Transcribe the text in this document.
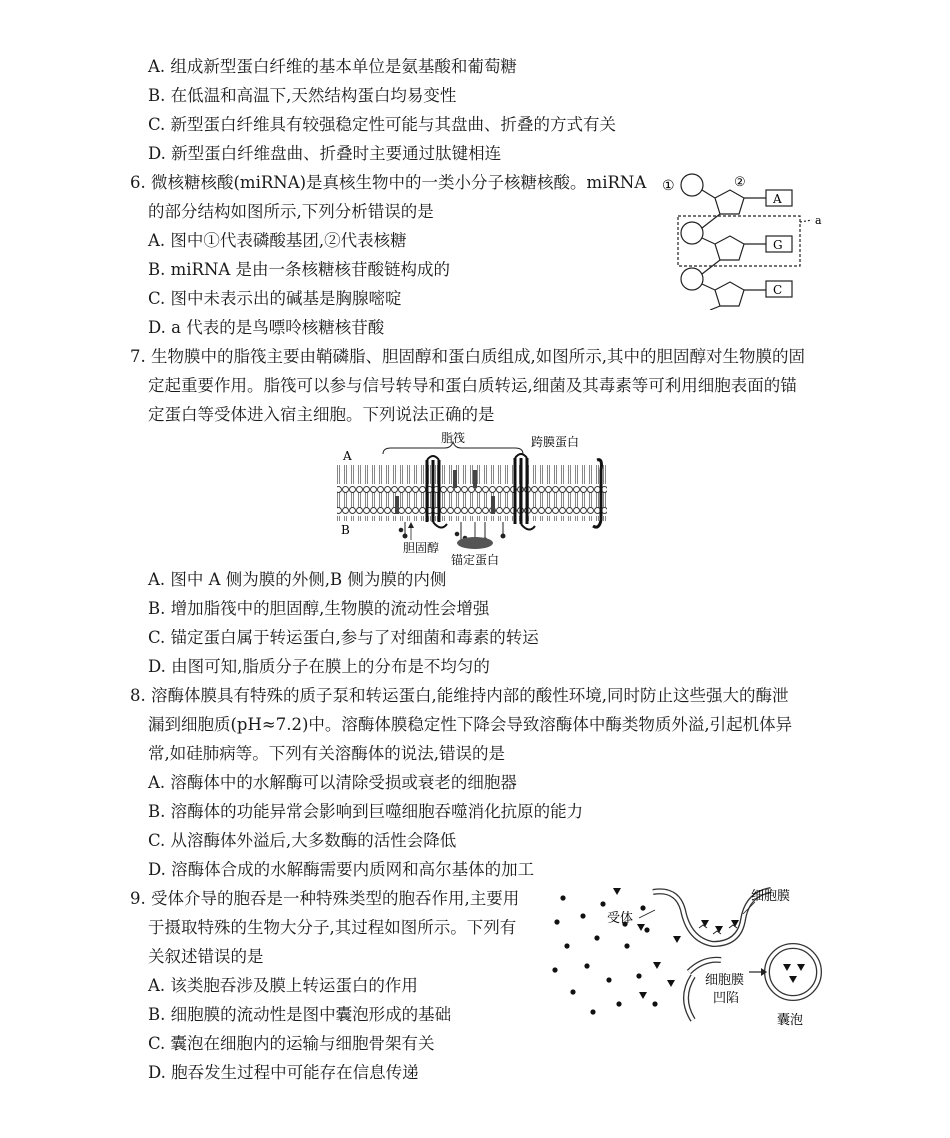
A. 组成新型蛋白纤维的基本单位是氨基酸和葡萄糖
B. 在低温和高温下,天然结构蛋白均易变性
C. 新型蛋白纤维具有较强稳定性可能与其盘曲、折叠的方式有关
D. 新型蛋白纤维盘曲、折叠时主要通过肽键相连
6. 微核糖核酸(miRNA)是真核生物中的一类小分子核糖核酸。miRNA
的部分结构如图所示,下列分析错误的是
A. 图中①代表磷酸基团,②代表核糖
B. miRNA 是由一条核糖核苷酸链构成的
C. 图中未表示出的碱基是胸腺嘧啶
D. a 代表的是鸟嘌呤核糖核苷酸
①	②
A
G
C
a
7. 生物膜中的脂筏主要由鞘磷脂、胆固醇和蛋白质组成,如图所示,其中的胆固醇对生物膜的固
定起重要作用。脂筏可以参与信号转导和蛋白质转运,细菌及其毒素等可利用细胞表面的锚
定蛋白等受体进入宿主细胞。下列说法正确的是
A
B
脂筏	跨膜蛋白
胆固醇
锚定蛋白
A. 图中 A 侧为膜的外侧,B 侧为膜的内侧
B. 增加脂筏中的胆固醇,生物膜的流动性会增强
C. 锚定蛋白属于转运蛋白,参与了对细菌和毒素的转运
D. 由图可知,脂质分子在膜上的分布是不均匀的
8. 溶酶体膜具有特殊的质子泵和转运蛋白,能维持内部的酸性环境,同时防止这些强大的酶泄
漏到细胞质(pH≈7.2)中。溶酶体膜稳定性下降会导致溶酶体中酶类物质外溢,引起机体异
常,如硅肺病等。下列有关溶酶体的说法,错误的是
A. 溶酶体中的水解酶可以清除受损或衰老的细胞器
B. 溶酶体的功能异常会影响到巨噬细胞吞噬消化抗原的能力
C. 从溶酶体外溢后,大多数酶的活性会降低
D. 溶酶体合成的水解酶需要内质网和高尔基体的加工
9. 受体介导的胞吞是一种特殊类型的胞吞作用,主要用
于摄取特殊的生物大分子,其过程如图所示。下列有
关叙述错误的是
A. 该类胞吞涉及膜上转运蛋白的作用
B. 细胞膜的流动性是图中囊泡形成的基础
C. 囊泡在细胞内的运输与细胞骨架有关
D. 胞吞发生过程中可能存在信息传递
受体
细胞膜
细胞膜
凹陷
囊泡
